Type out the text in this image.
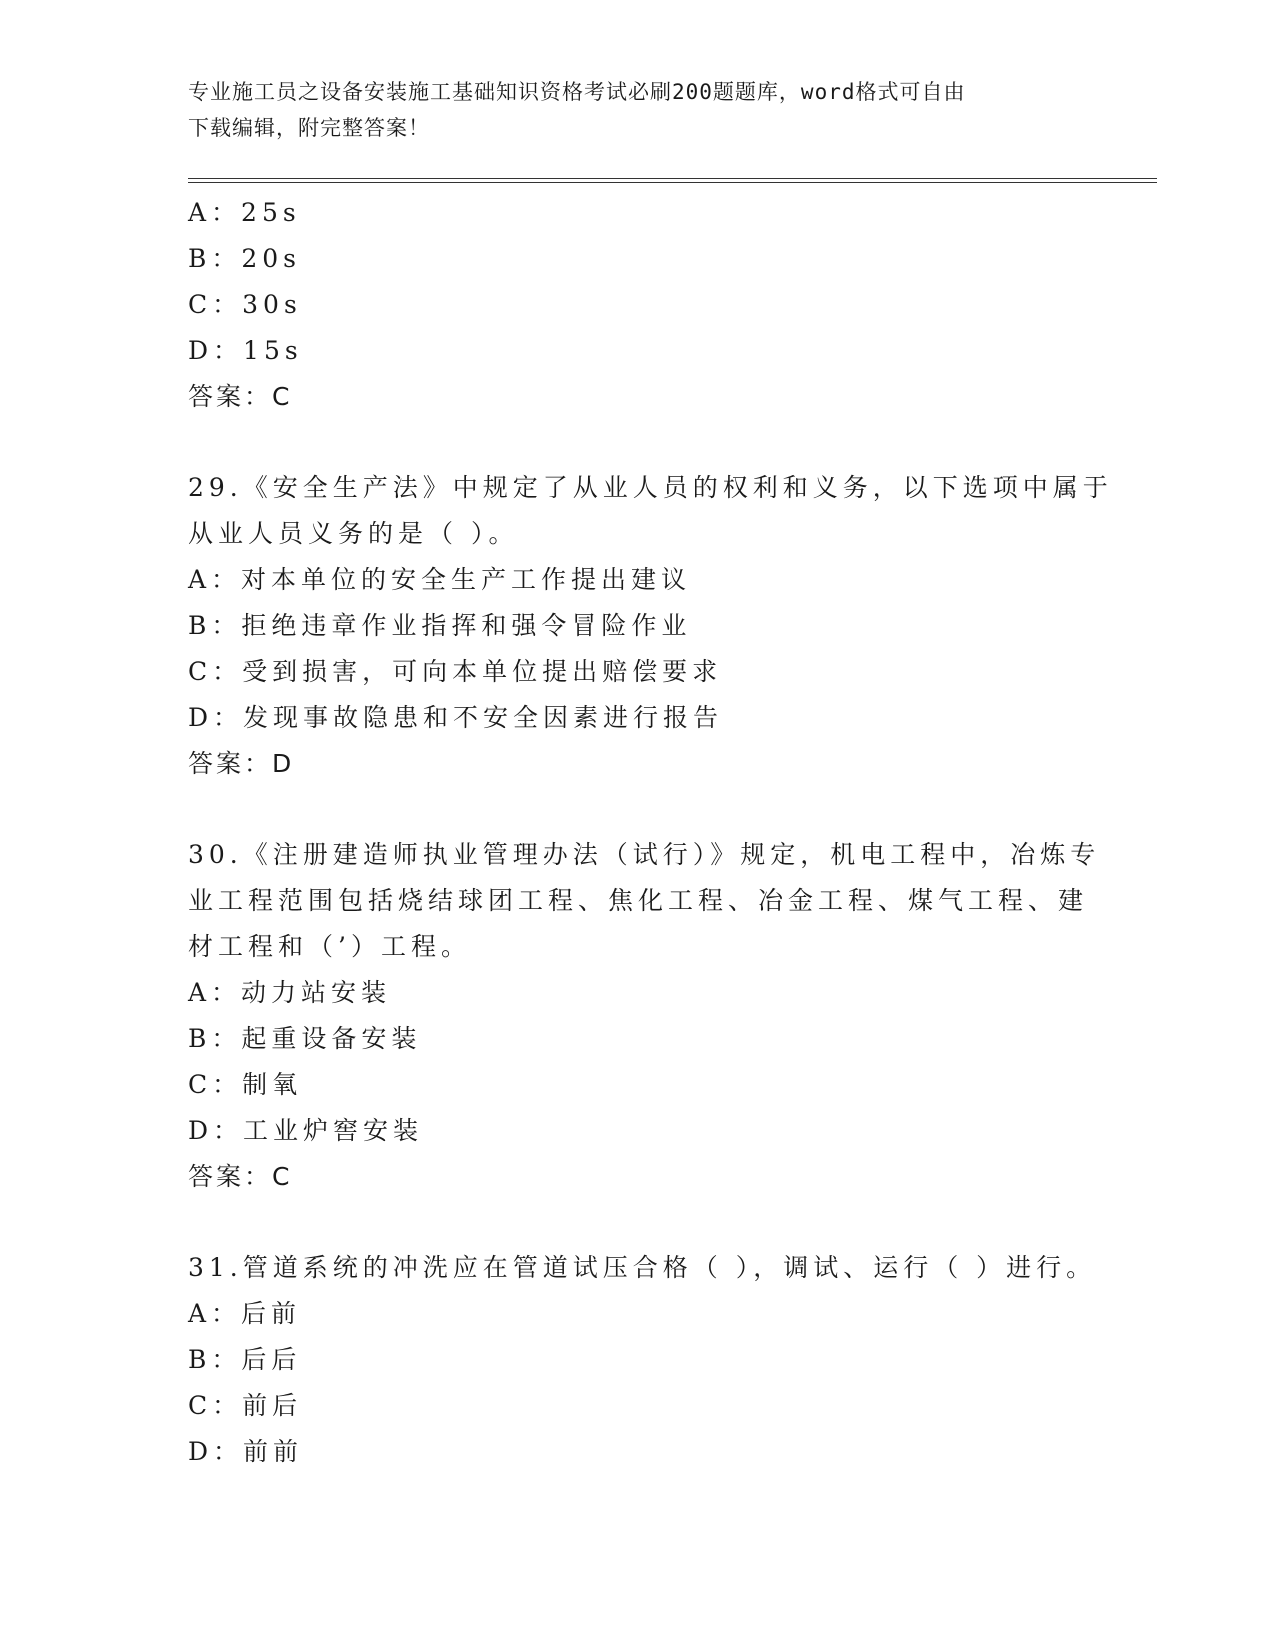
专业施工员之设备安装施工基础知识资格考试必刷200题题库，word格式可自由
下载编辑，附完整答案！
A：25s
B：20s
C：30s
D：15s
答案：C
29.《安全生产法》中规定了从业人员的权利和义务，以下选项中属于
从业人员义务的是（ ）。
A：对本单位的安全生产工作提出建议
B：拒绝违章作业指挥和强令冒险作业
C：受到损害，可向本单位提出赔偿要求
D：发现事故隐患和不安全因素进行报告
答案：D
30.《注册建造师执业管理办法（试行）》规定，机电工程中，冶炼专
业工程范围包括烧结球团工程、焦化工程、冶金工程、煤气工程、建
材工程和（’）工程。
A：动力站安装
B：起重设备安装
C：制氧
D：工业炉窖安装
答案：C
31.管道系统的冲洗应在管道试压合格（ ），调试、运行（ ）进行。
A：后前
B：后后
C：前后
D：前前
